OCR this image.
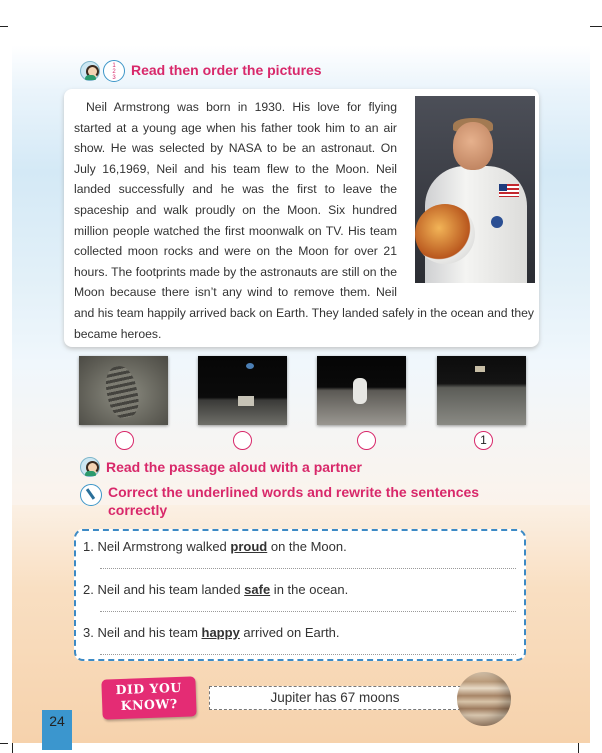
1
2
3	Read then order the pictures

Neil Armstrong was born in 1930. His love for flying started at a young age when his father took him to an air show. He was selected by NASA to be an astronaut. On July 16,1969, Neil and his team flew to the Moon. Neil landed successfully and he was the first to leave the spaceship and walk proudly on the Moon. Six hundred million people watched the first moonwalk on TV. His team collected moon rocks and were on the Moon for over 21 hours. The footprints made by the astronauts are still on the Moon because there isn’t any wind to remove them. Neil and his team happily arrived back on Earth. They landed safely in the ocean and they became heroes.

1
Read the passage aloud with a partner
Correct the underlined words and rewrite the sentences
correctly
1. Neil Armstrong walked proud on the Moon.
2. Neil and his team landed safe in the ocean.
3. Neil and his team happy arrived on Earth.
DID YOU
KNOW?	Jupiter has 67 moons
24
